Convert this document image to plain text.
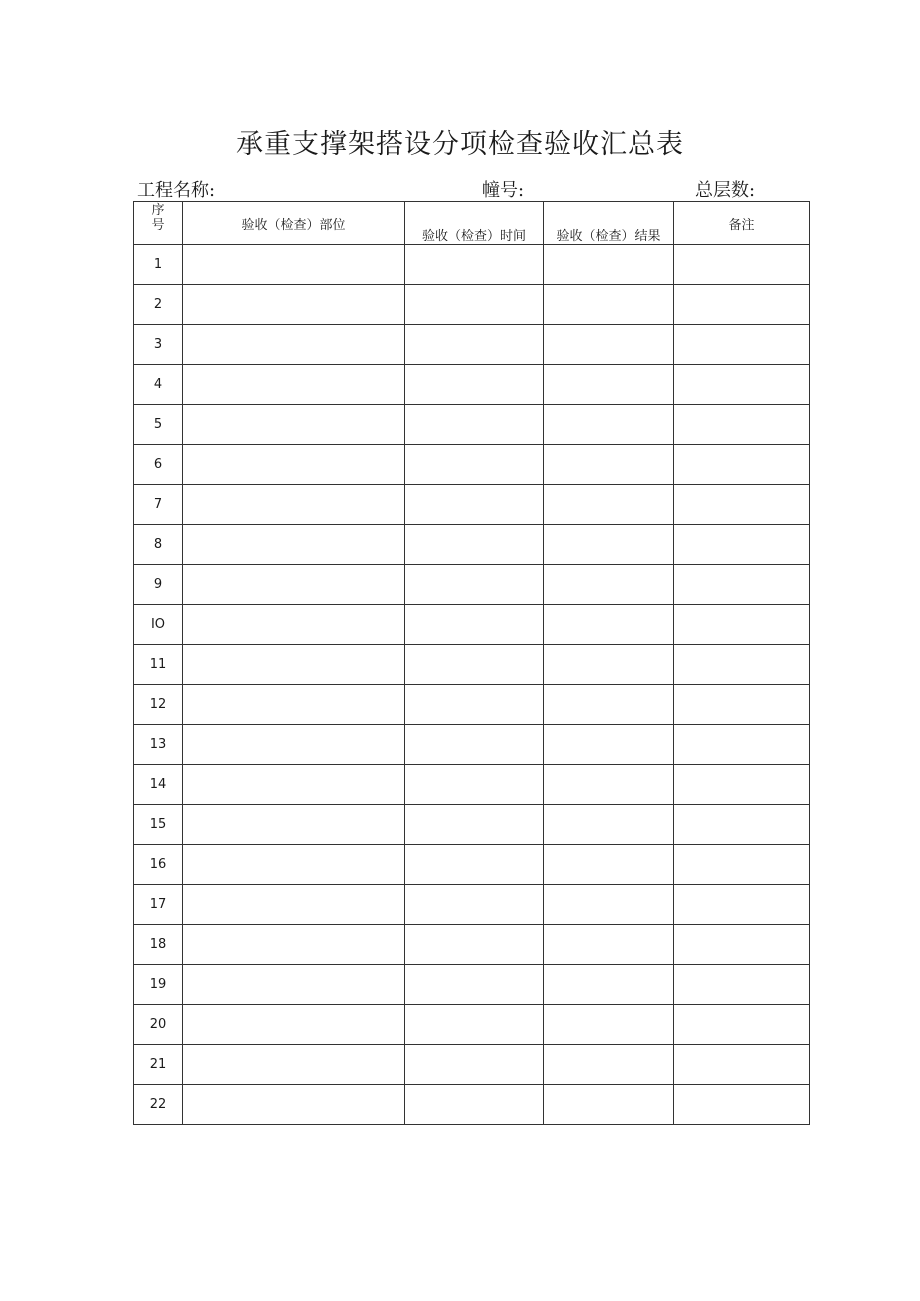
承重支撑架搭设分项检查验收汇总表
工程名称:	幢号:	总层数:
序
号	验收（检查）部位	验收（检查）时间	验收（检查）结果	备注
1				
2				
3				
4				
5				
6				
7				
8				
9				
IO				
11				
12				
13				
14				
15				
16				
17				
18				
19				
20				
21				
22				
